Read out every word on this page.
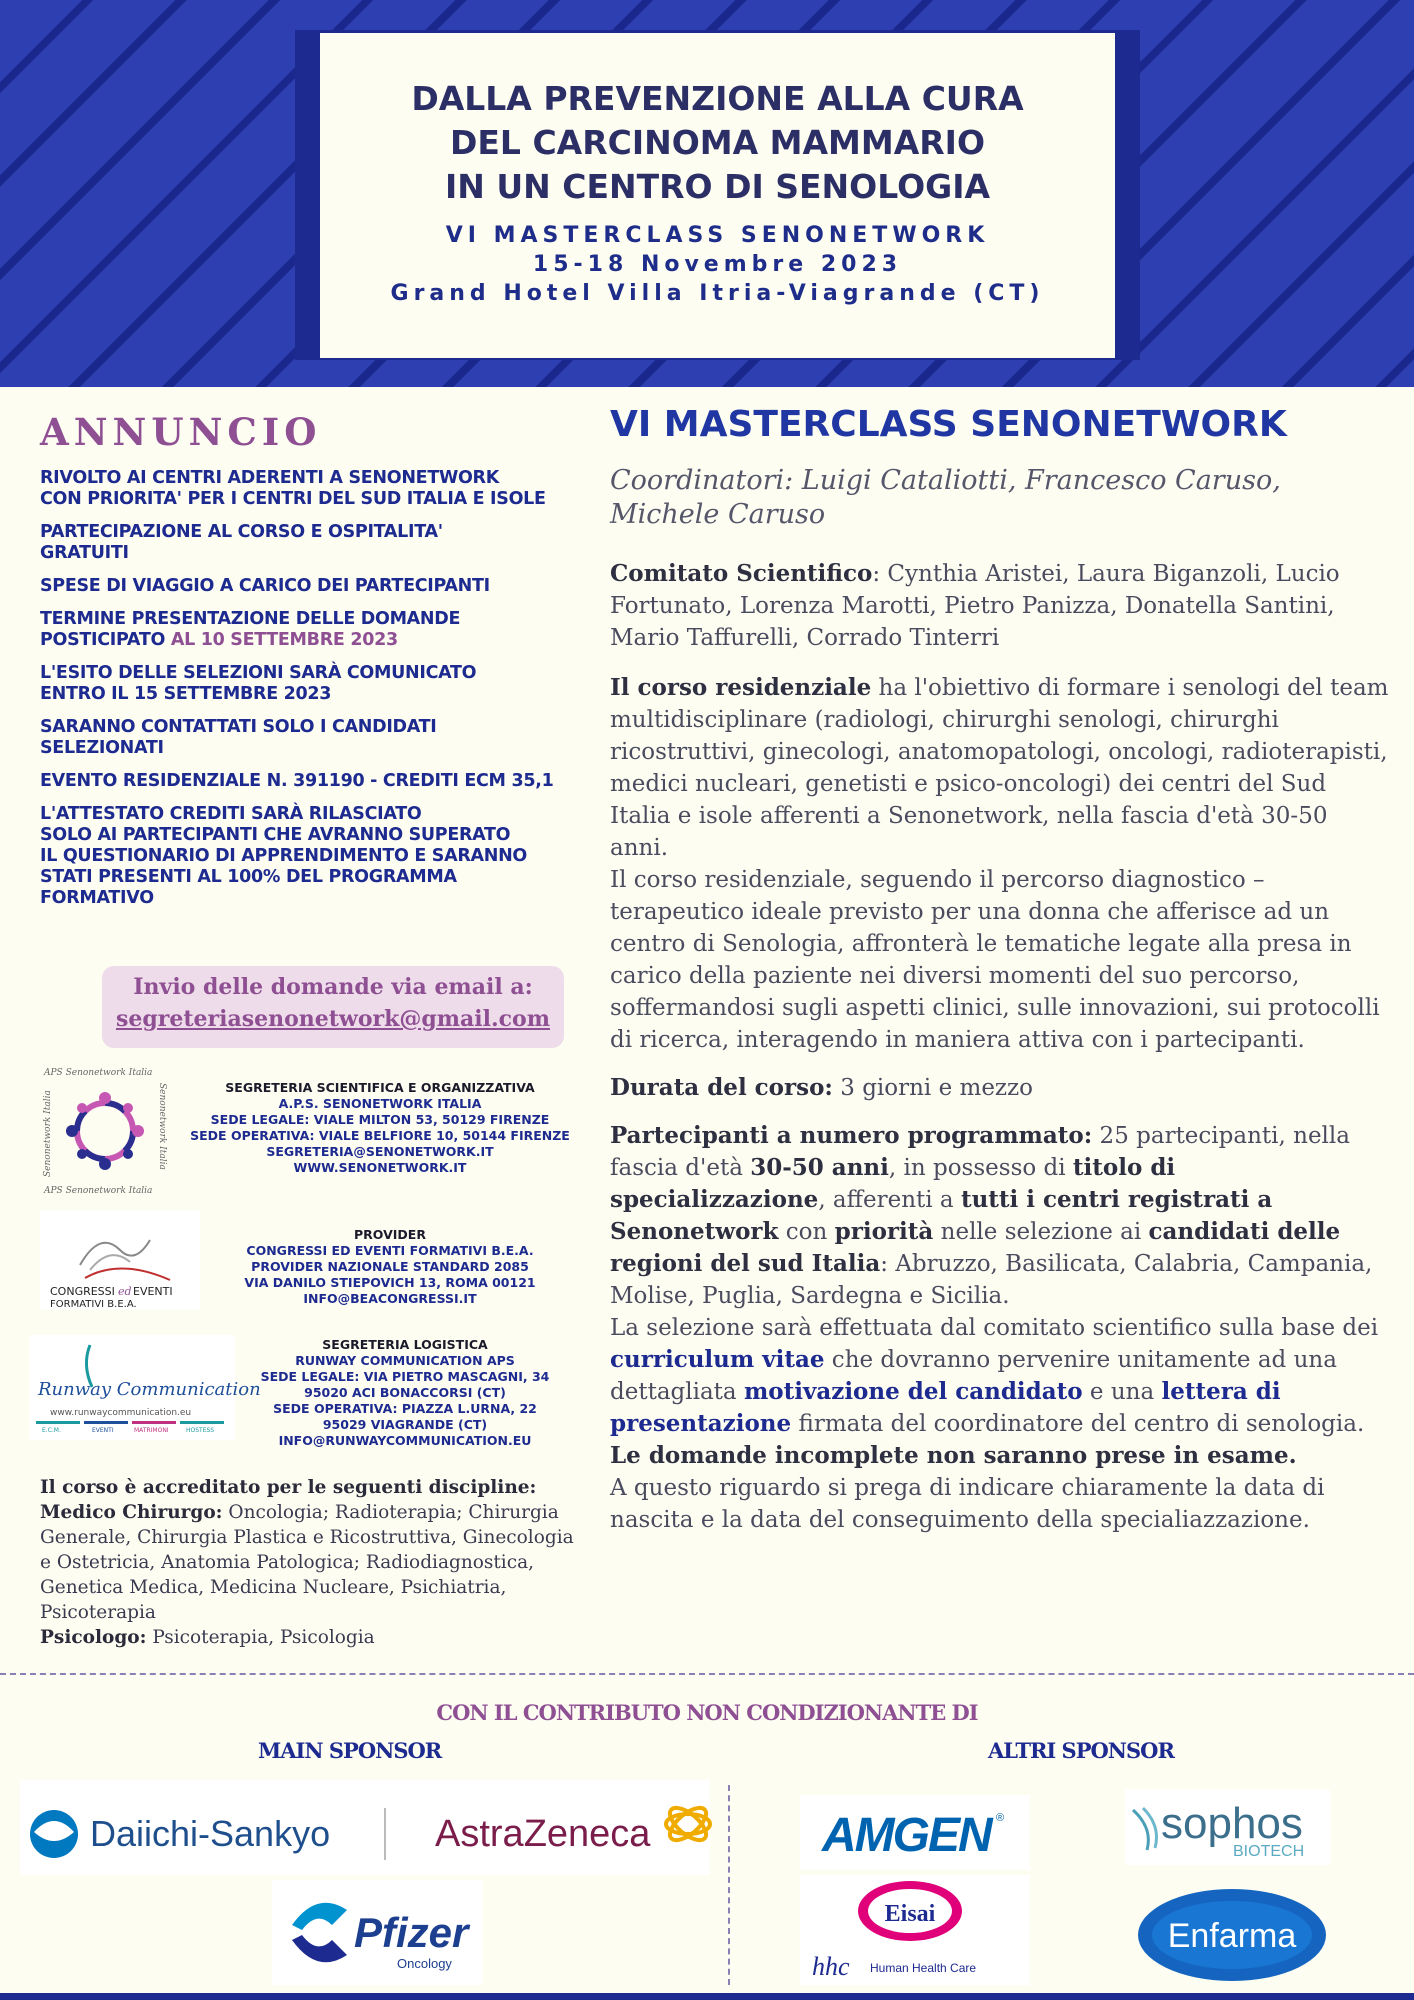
DALLA PREVENZIONE ALLA CURA
DEL CARCINOMA MAMMARIO
IN UN CENTRO DI SENOLOGIA
VI MASTERCLASS SENONETWORK
15-18 Novembre 2023
Grand Hotel Villa Itria-Viagrande (CT)
ANNUNCIO
RIVOLTO AI CENTRI ADERENTI A SENONETWORK
CON PRIORITA' PER I CENTRI DEL SUD ITALIA E ISOLE
PARTECIPAZIONE AL CORSO E OSPITALITA'
GRATUITI
SPESE DI VIAGGIO A CARICO DEI PARTECIPANTI
TERMINE PRESENTAZIONE DELLE DOMANDE
POSTICIPATO AL 10 SETTEMBRE 2023
L'ESITO DELLE SELEZIONI SARÀ COMUNICATO
ENTRO IL 15 SETTEMBRE 2023
SARANNO CONTATTATI SOLO I CANDIDATI
SELEZIONATI
EVENTO RESIDENZIALE N. 391190 - CREDITI ECM 35,1
L'ATTESTATO CREDITI SARÀ RILASCIATO
SOLO AI PARTECIPANTI CHE AVRANNO SUPERATO
IL QUESTIONARIO DI APPRENDIMENTO E SARANNO
STATI PRESENTI AL 100% DEL PROGRAMMA
FORMATIVO
Invio delle domande via email a:
segreteriasenonetwork@gmail.com
APS Senonetwork Italia
APS Senonetwork Italia
Senonetwork Italia	Senonetwork Italia	SEGRETERIA SCIENTIFICA E ORGANIZZATIVA
A.P.S. SENONETWORK ITALIA
SEDE LEGALE: VIALE MILTON 53, 50129 FIRENZE
SEDE OPERATIVA: VIALE BELFIORE 10, 50144 FIRENZE
SEGRETERIA@SENONETWORK.IT
WWW.SENONETWORK.IT
CONGRESSI ed EVENTI
FORMATIVI B.E.A.
PROVIDER
CONGRESSI ED EVENTI FORMATIVI B.E.A.
PROVIDER NAZIONALE STANDARD 2085
VIA DANILO STIEPOVICH 13, ROMA 00121
INFO@BEACONGRESSI.IT
Runway Communication
www.runwaycommunication.eu
E.C.M.	EVENTI	MATRIMONI	HOSTESS
SEGRETERIA LOGISTICA
RUNWAY COMMUNICATION APS
SEDE LEGALE: VIA PIETRO MASCAGNI, 34
95020 ACI BONACCORSI (CT)
SEDE OPERATIVA: PIAZZA L.URNA, 22
95029 VIAGRANDE (CT)
INFO@RUNWAYCOMMUNICATION.EU
Il corso è accreditato per le seguenti discipline:
Medico Chirurgo: Oncologia; Radioterapia; Chirurgia Generale, Chirurgia Plastica e Ricostruttiva, Ginecologia e Ostetricia, Anatomia Patologica; Radiodiagnostica, Genetica Medica, Medicina Nucleare, Psichiatria, Psicoterapia
Psicologo: Psicoterapia, Psicologia
VI MASTERCLASS SENONETWORK
Coordinatori: Luigi Cataliotti, Francesco Caruso, Michele Caruso
Comitato Scientifico: Cynthia Aristei, Laura Biganzoli, Lucio Fortunato, Lorenza Marotti, Pietro Panizza, Donatella Santini, Mario Taffurelli, Corrado Tinterri
Il corso residenziale ha l'obiettivo di formare i senologi del team multidisciplinare (radiologi, chirurghi senologi, chirurghi ricostruttivi, ginecologi, anatomopatologi, oncologi, radioterapisti, medici nucleari, genetisti e psico-oncologi) dei centri del Sud Italia e isole afferenti a Senonetwork, nella fascia d'età 30-50 anni.
Il corso residenziale, seguendo il percorso diagnostico – terapeutico ideale previsto per una donna che afferisce ad un centro di Senologia, affronterà le tematiche legate alla presa in carico della paziente nei diversi momenti del suo percorso, soffermandosi sugli aspetti clinici, sulle innovazioni, sui protocolli di ricerca, interagendo in maniera attiva con i partecipanti.
Durata del corso: 3 giorni e mezzo
Partecipanti a numero programmato: 25 partecipanti, nella fascia d'età 30-50 anni, in possesso di titolo di specializzazione, afferenti a tutti i centri registrati a Senonetwork con priorità nelle selezione ai candidati delle regioni del sud Italia: Abruzzo, Basilicata, Calabria, Campania, Molise, Puglia, Sardegna e Sicilia.
La selezione sarà effettuata dal comitato scientifico sulla base dei curriculum vitae che dovranno pervenire unitamente ad una dettagliata motivazione del candidato e una lettera di presentazione firmata del coordinatore del centro di senologia.
Le domande incomplete non saranno prese in esame.
A questo riguardo si prega di indicare chiaramente la data di nascita e la data del conseguimento della specialiazzazione.
CON IL CONTRIBUTO NON CONDIZIONANTE DI
MAIN SPONSOR	ALTRI SPONSOR
Daiichi-Sankyo	AstraZeneca
Pfizer
Oncology
AMGEN ®	sophos
BIOTECH
Eisai
hhc Human Health Care
Enfarma
